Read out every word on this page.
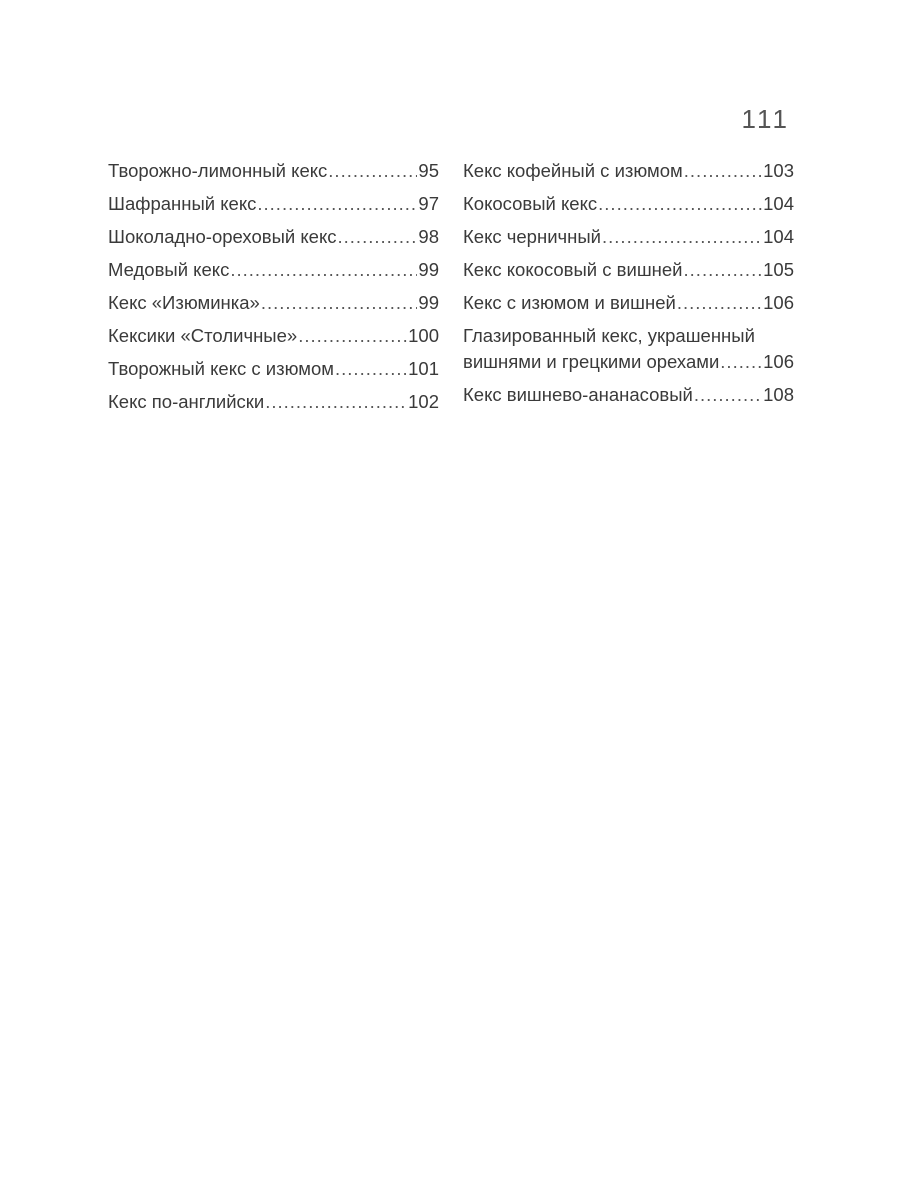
111
Творожно-лимонный кекс .....	95
Шафранный кекс .....	97
Шоколадно-ореховый кекс .....	98
Медовый кекс .....	99
Кекс «Изюминка» .....	99
Кексики «Столичные» .....	100
Творожный кекс с изюмом .....	101
Кекс по-английски .....	102
Кекс кофейный с изюмом .....	103
Кокосовый кекс .....	104
Кекс черничный .....	104
Кекс кокосовый с вишней .....	105
Кекс с изюмом и вишней .....	106
Глазированный кекс, украшенный
вишнями и грецкими орехами ..... 106
Кекс вишнево-ананасовый .....	108
